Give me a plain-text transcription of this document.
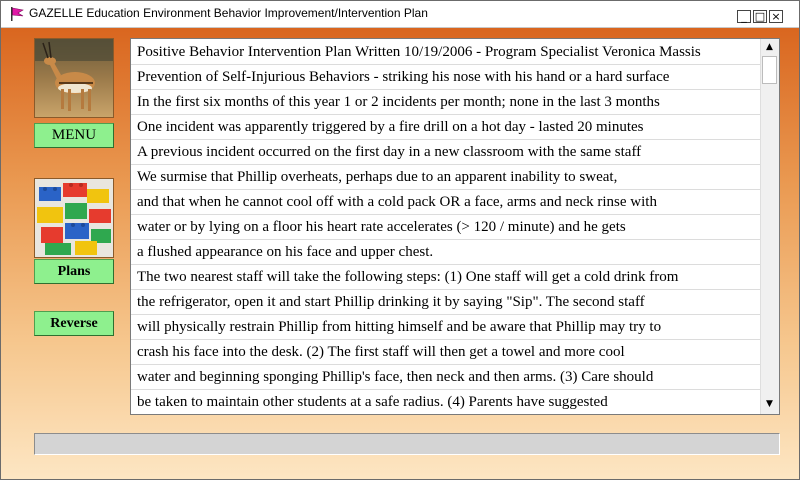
GAZELLE Education Environment Behavior Improvement/Intervention Plan	_ □ ×
MENU
Plans
Reverse
Positive Behavior Intervention Plan Written 10/19/2006 - Program Specialist Veronica Massis
Prevention of Self-Injurious Behaviors - striking his nose with his hand or a hard surface
In the first six months of this year 1 or 2 incidents per month; none in the last 3 months
One incident was apparently triggered by a fire drill on a hot day - lasted 20 minutes
A previous incident occurred on the first day in a new classroom with the same staff
We surmise that Phillip overheats, perhaps due to an apparent inability to sweat,
and that when he cannot cool off with a cold pack OR a face, arms and neck rinse with
water or by lying on a floor his heart rate accelerates (> 120 / minute) and he gets
a flushed appearance on his face and upper chest.
The two nearest staff will take the following steps: (1) One staff will get a cold drink from
the refrigerator, open it and start Phillip drinking it by saying "Sip". The second staff
will physically restrain Phillip from hitting himself and be aware that Phillip may try to
crash his face into the desk. (2) The first staff will then get a towel and more cool
water and beginning sponging Phillip's face, then neck and then arms. (3) Care should
be taken to maintain other students at a safe radius. (4) Parents have suggested
▲
▼
